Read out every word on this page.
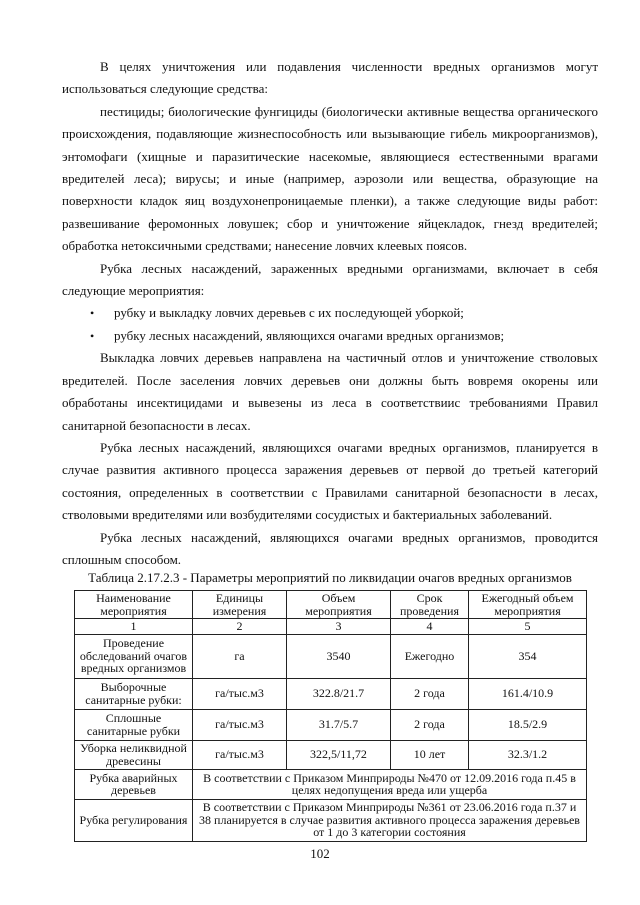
В целях уничтожения или подавления численности вредных организмов могут использоваться следующие средства:

пестициды; биологические фунгициды (биологически активные вещества органического происхождения, подавляющие жизнеспособность или вызывающие гибель микроорганизмов), энтомофаги (хищные и паразитические насекомые, являющиеся естественными врагами вредителей леса); вирусы; и иные (например, аэрозоли или вещества, образующие на поверхности кладок яиц воздухонепроницаемые пленки), а также следующие виды работ: развешивание феромонных ловушек; сбор и уничтожение яйцекладок, гнезд вредителей; обработка нетоксичными средствами; нанесение ловчих клеевых поясов.

Рубка лесных насаждений, зараженных вредными организмами, включает в себя следующие мероприятия:

• рубку и выкладку ловчих деревьев с их последующей уборкой;
• рубку лесных насаждений, являющихся очагами вредных организмов;

Выкладка ловчих деревьев направлена на частичный отлов и уничтожение стволовых вредителей. После заселения ловчих деревьев они должны быть вовремя окорены или обработаны инсектицидами и вывезены из леса в соответствиис требованиями Правил санитарной безопасности в лесах.

Рубка лесных насаждений, являющихся очагами вредных организмов, планируется в случае развития активного процесса заражения деревьев от первой до третьей категорий состояния, определенных в соответствии с Правилами санитарной безопасности в лесах, стволовыми вредителями или возбудителями сосудистых и бактериальных заболеваний.

Рубка лесных насаждений, являющихся очагами вредных организмов, проводится сплошным способом.

Таблица 2.17.2.3 - Параметры мероприятий по ликвидации очагов вредных организмов
Наименование мероприятия	Единицы измерения	Объем мероприятия	Срок проведения	Ежегодный объем мероприятия
1	2	3	4	5
Проведение обследований очагов вредных организмов	га	3540	Ежегодно	354
Выборочные санитарные рубки:	га/тыс.м3	322.8/21.7	2 года	161.4/10.9
Сплошные санитарные рубки	га/тыс.м3	31.7/5.7	2 года	18.5/2.9
Уборка неликвидной древесины	га/тыс.м3	322,5/11,72	10 лет	32.3/1.2
Рубка аварийных деревьев	В соответствии с Приказом Минприроды №470 от 12.09.2016 года п.45 в целях недопущения вреда или ущерба			
Рубка регулирования	В соответствии с Приказом Минприроды №361 от 23.06.2016 года п.37 и 38 планируется в случае развития активного процесса заражения деревьев от 1 до 3 категории состояния			
102
